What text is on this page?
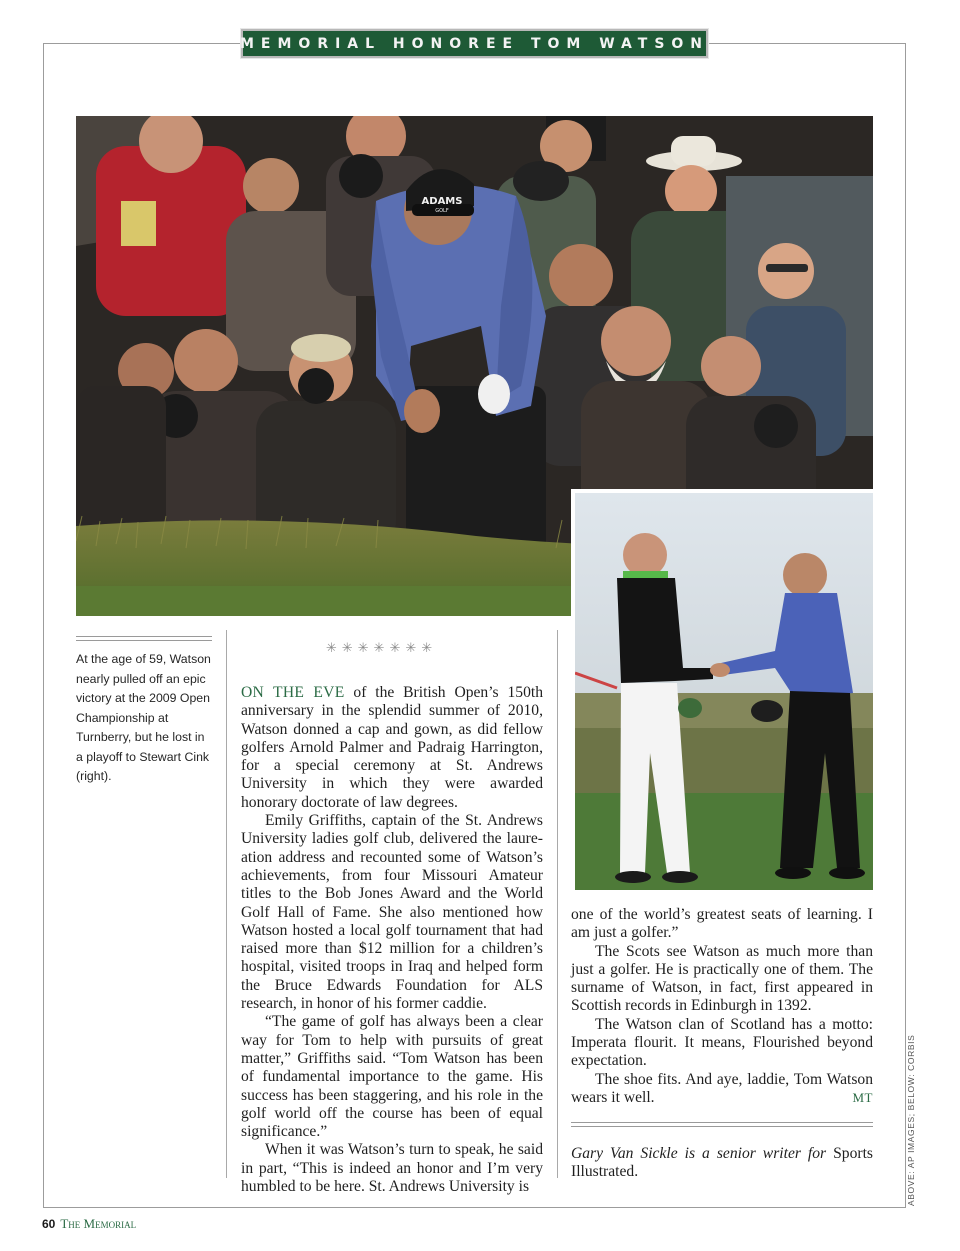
MEMORIAL HONOREE TOM WATSON
ADAMS
GOLF

At the age of 59, Watson nearly pulled off an epic victory at the 2009 Open Championship at Turnberry, but he lost in a playoff to Stewart Cink (right).

✳✳✳✳✳✳✳

ON THE EVE of the British Open’s 150th anniversary in the splendid summer of 2010, Watson donned a cap and gown, as did fellow golfers Arnold Palmer and Padraig Harrington, for a special ceremony at St. Andrews University in which they were awarded honorary doctorate of law degrees.

Emily Griffiths, captain of the St. Andrews University ladies golf club, delivered the laureation address and recounted some of Watson’s achievements, from four Missouri Amateur titles to the Bob Jones Award and the World Golf Hall of Fame. She also mentioned how Watson hosted a local golf tournament that had raised more than $12 million for a children’s hospital, visited troops in Iraq and helped form the Bruce Edwards Foundation for ALS research, in honor of his former caddie.

“The game of golf has always been a clear way for Tom to help with pursuits of great matter,” Griffiths said. “Tom Watson has been of fundamental importance to the game. His success has been staggering, and his role in the golf world off the course has been of equal significance.”

When it was Watson’s turn to speak, he said in part, “This is indeed an honor and I’m very humbled to be here. St. Andrews University is

one of the world’s greatest seats of learning. I am just a golfer.”

The Scots see Watson as much more than just a golfer. He is practically one of them. The surname of Watson, in fact, first appeared in Scottish records in Edinburgh in 1392.

The Watson clan of Scotland has a motto: Imperata flourit. It means, Flourished beyond expectation.

The shoe fits. And aye, laddie, Tom Watson wears it well.	MT

Gary Van Sickle is a senior writer for Sports Illustrated.	ABOVE: AP IMAGES; BELOW: CORBIS
60 The Memorial
